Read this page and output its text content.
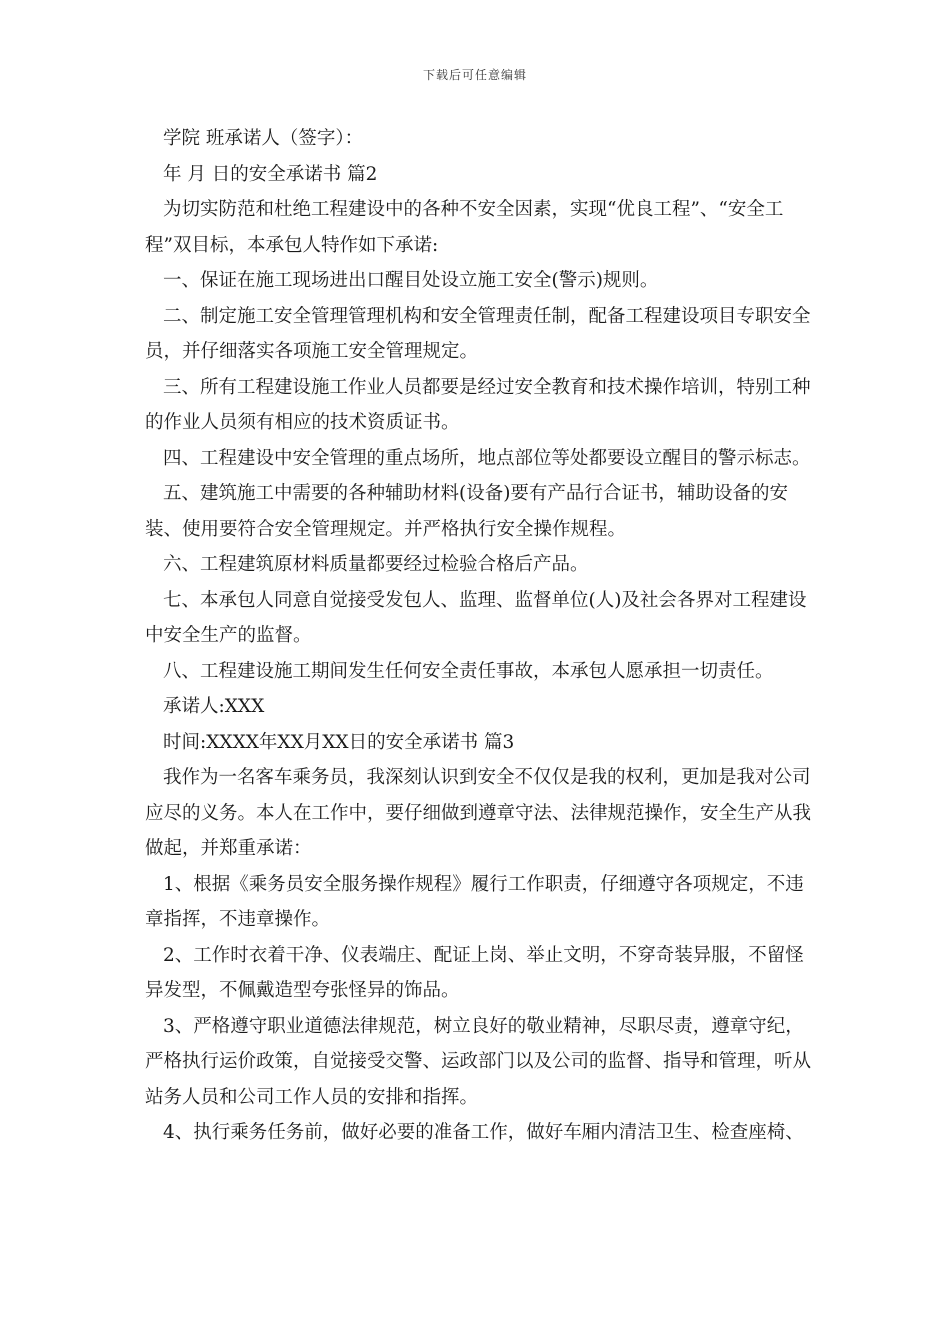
下载后可任意编辑

学院 班承诺人（签字）：

年 月 日的安全承诺书 篇2

为切实防范和杜绝工程建设中的各种不安全因素，实现“优良工程”、“安全工程”双目标，本承包人特作如下承诺:

一、保证在施工现场进出口醒目处设立施工安全(警示)规则。

二、制定施工安全管理管理机构和安全管理责任制，配备工程建设项目专职安全员，并仔细落实各项施工安全管理规定。

三、所有工程建设施工作业人员都要是经过安全教育和技术操作培训，特别工种的作业人员须有相应的技术资质证书。

四、工程建设中安全管理的重点场所，地点部位等处都要设立醒目的警示标志。

五、建筑施工中需要的各种辅助材料(设备)要有产品行合证书，辅助设备的安装、使用要符合安全管理规定。并严格执行安全操作规程。

六、工程建筑原材料质量都要经过检验合格后产品。

七、本承包人同意自觉接受发包人、监理、监督单位(人)及社会各界对工程建设中安全生产的监督。

八、工程建设施工期间发生任何安全责任事故，本承包人愿承担一切责任。

承诺人:XXX

时间:XXXX年XX月XX日的安全承诺书 篇3

我作为一名客车乘务员，我深刻认识到安全不仅仅是我的权利，更加是我对公司应尽的义务。本人在工作中，要仔细做到遵章守法、法律规范操作，安全生产从我做起，并郑重承诺：

1、根据《乘务员安全服务操作规程》履行工作职责，仔细遵守各项规定，不违章指挥，不违章操作。

2、工作时衣着干净、仪表端庄、配证上岗、举止文明，不穿奇装异服，不留怪异发型，不佩戴造型夸张怪异的饰品。

3、严格遵守职业道德法律规范，树立良好的敬业精神，尽职尽责，遵章守纪，严格执行运价政策，自觉接受交警、运政部门以及公司的监督、指导和管理，听从站务人员和公司工作人员的安排和指挥。

4、执行乘务任务前，做好必要的准备工作，做好车厢内清洁卫生、检查座椅、
